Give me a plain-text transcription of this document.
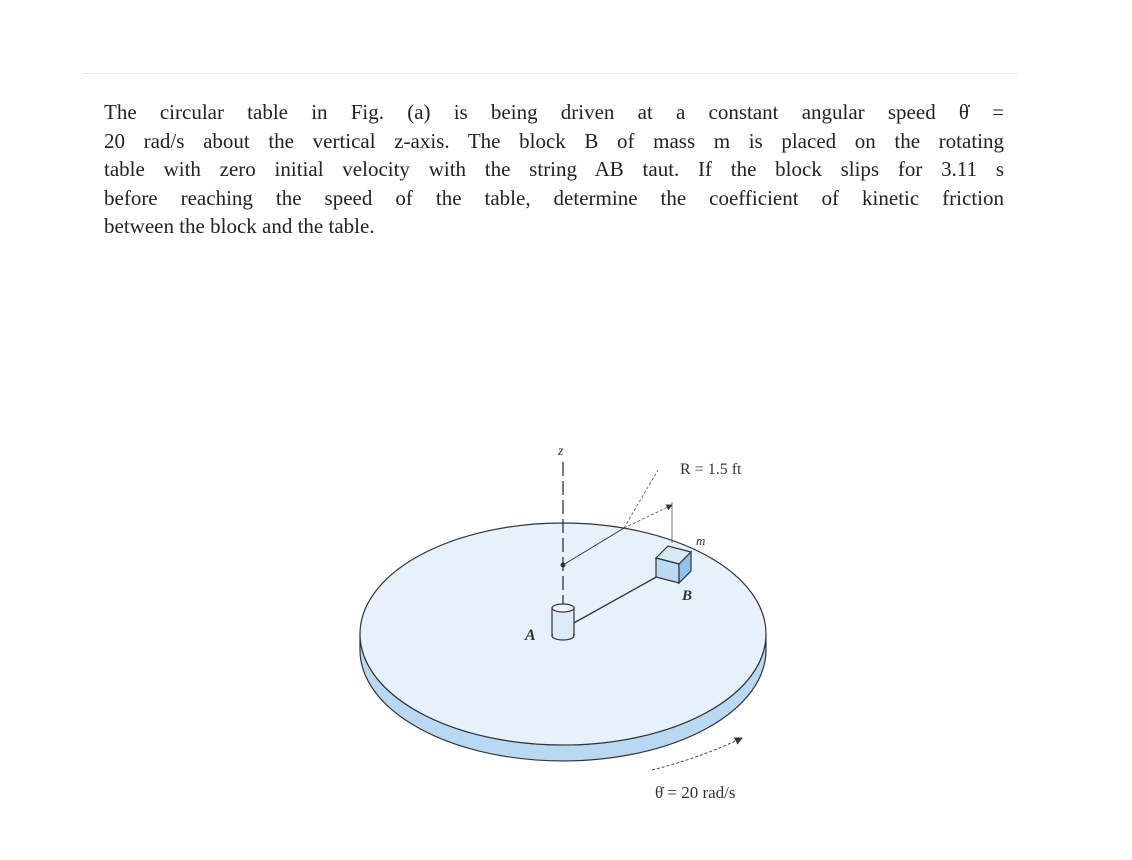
The circular table in Fig. (a) is being driven at a constant angular speed θ̇ =
20 rad/s about the vertical z-axis. The block B of mass m is placed on the rotating
table with zero initial velocity with the string AB taut. If the block slips for 3.11 s
before reaching the speed of the table, determine the coefficient of kinetic friction
between the block and the table.
z
R = 1.5 ft
A
m
B
θ̇ = 20 rad/s
